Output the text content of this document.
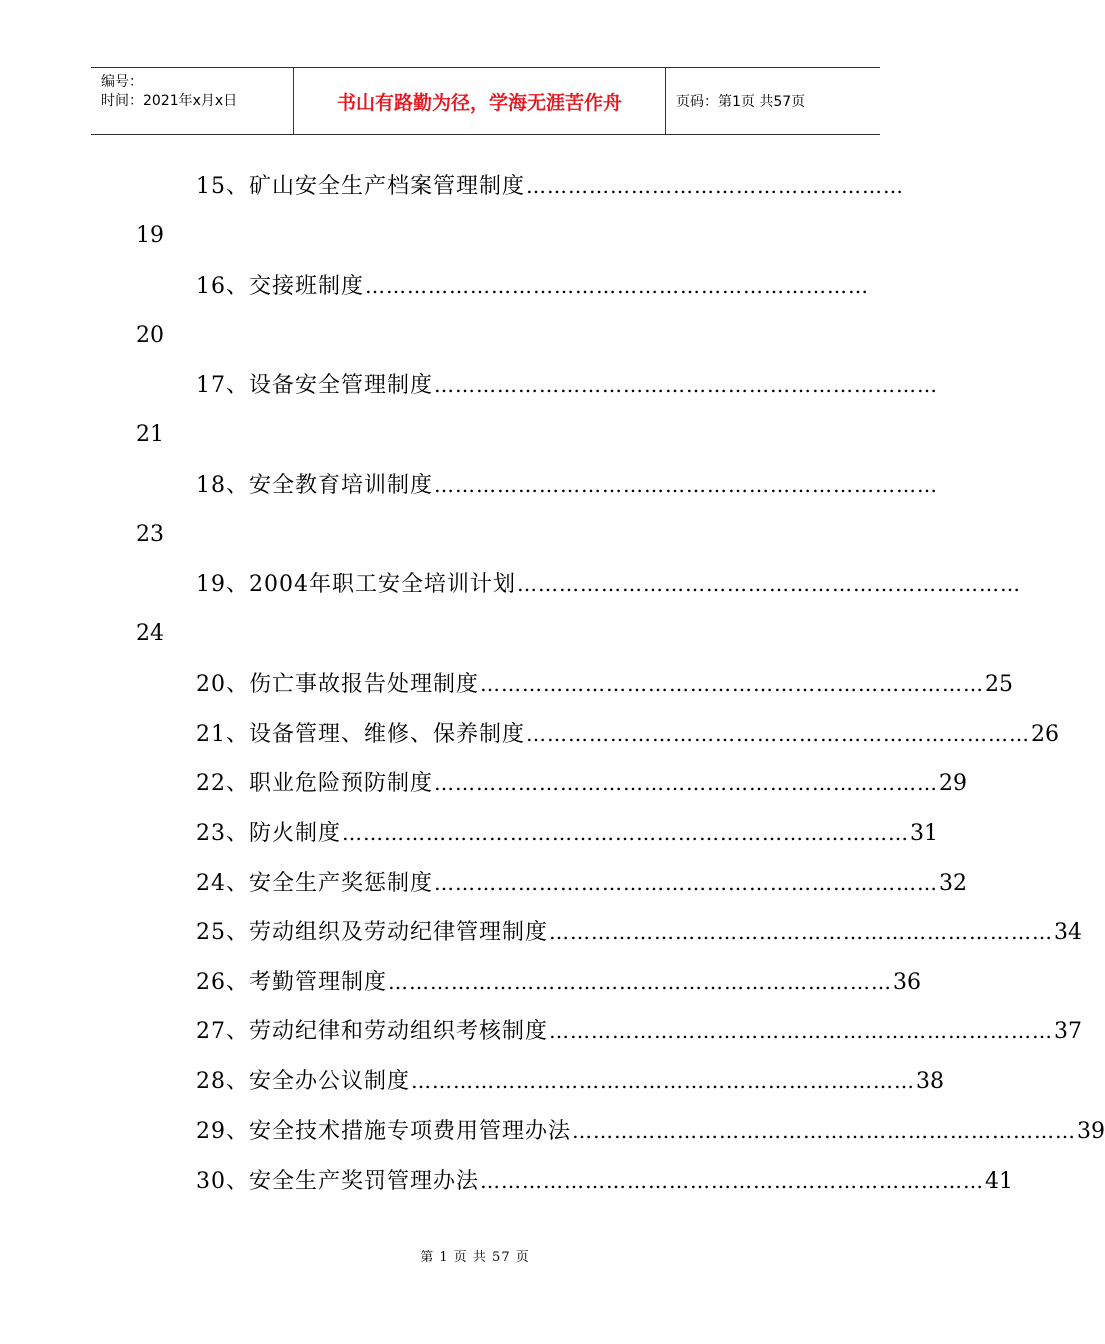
编号：
时间：2021年x月x日	书山有路勤为径，学海无涯苦作舟	页码：第1页 共57页
15、矿山安全生产档案管理制度 ………………………………………………
19
16、交接班制度 ………………………………………………………………
20
17、设备安全管理制度 ………………………………………………………………
21
18、安全教育培训制度 ………………………………………………………………
23
19、2004年职工安全培训计划 ………………………………………………………………
24
20、伤亡事故报告处理制度 ……………………………………………………………… 25
21、设备管理、维修、保养制度 ……………………………………………………………… 26
22、职业危险预防制度 ……………………………………………………………… 29
23、防火制度 ……………………………………………………………………… 31
24、安全生产奖惩制度 ……………………………………………………………… 32
25、劳动组织及劳动纪律管理制度 ……………………………………………………………… 34
26、考勤管理制度 ……………………………………………………………… 36
27、劳动纪律和劳动组织考核制度 ……………………………………………………………… 37
28、安全办公议制度 ……………………………………………………………… 38
29、安全技术措施专项费用管理办法 ……………………………………………………………… 39
30、安全生产奖罚管理办法 ……………………………………………………………… 41
第 1 页 共 57 页
